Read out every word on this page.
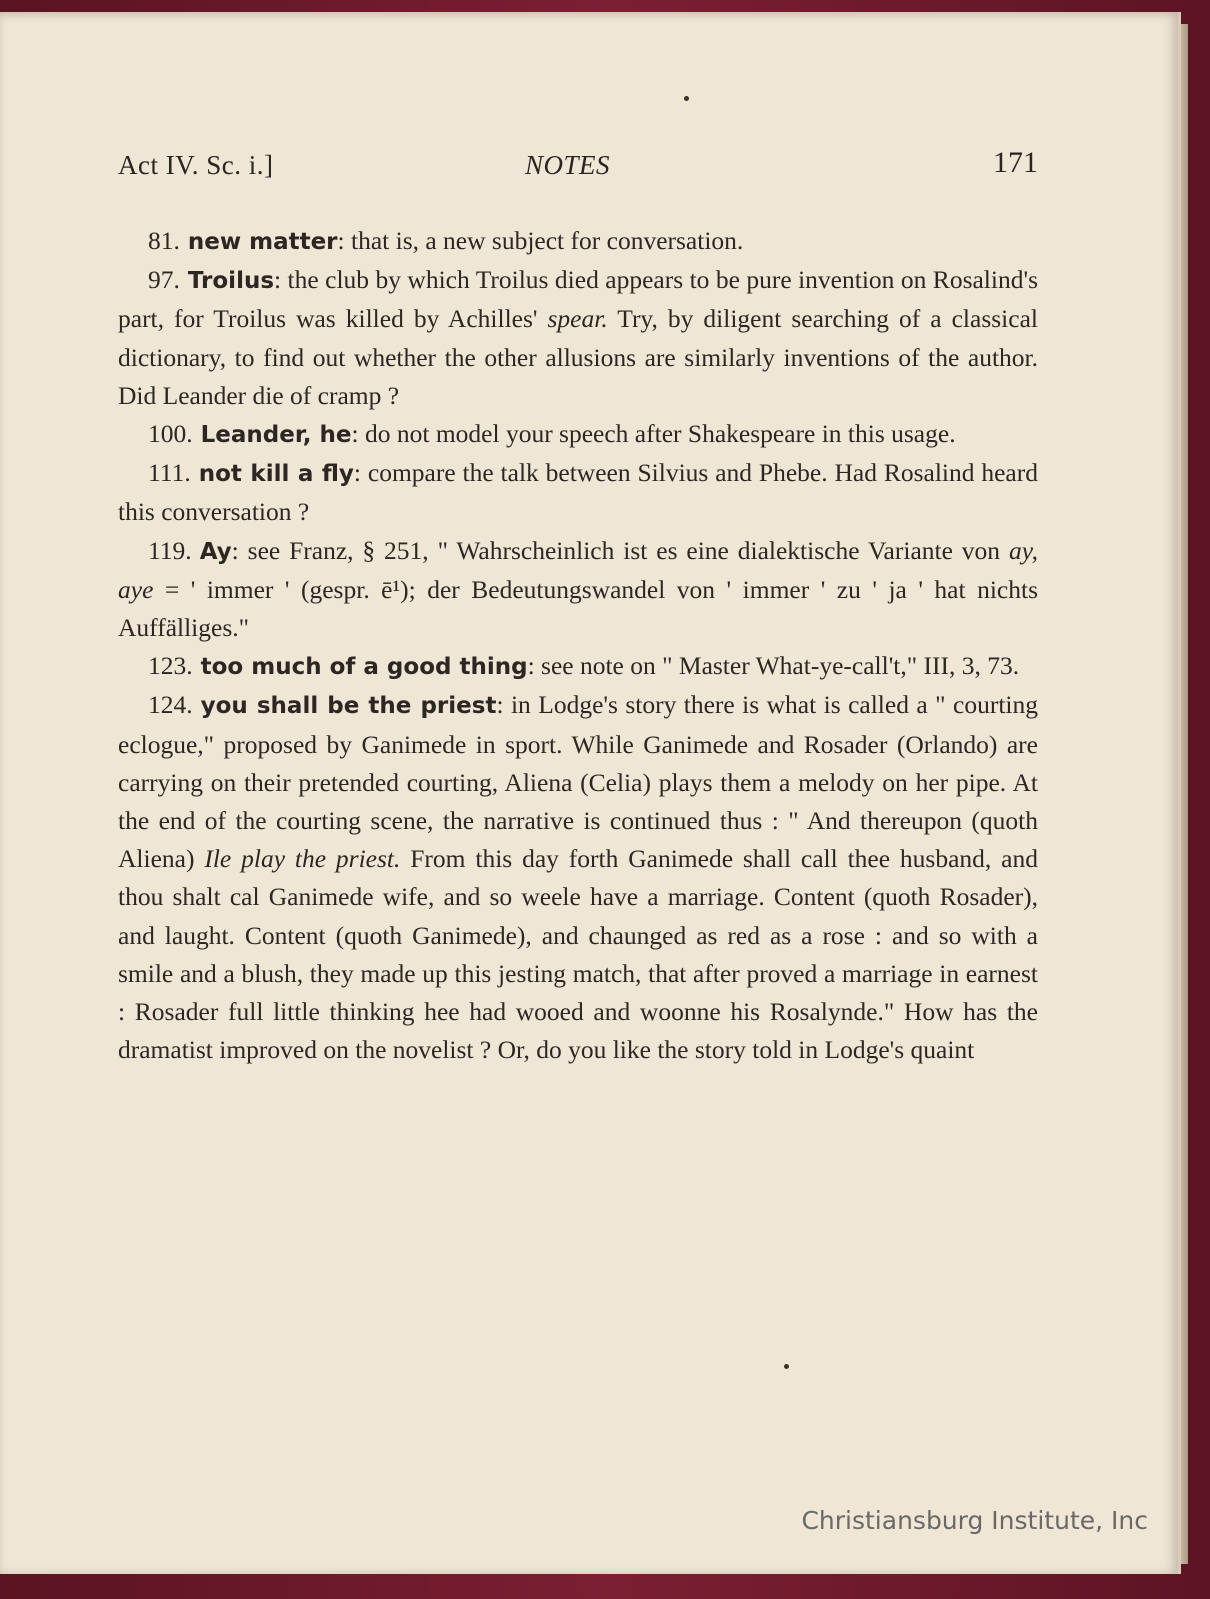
Act IV. Sc. i.]	NOTES	171

81. new matter: that is, a new subject for conversation.

97. Troilus: the club by which Troilus died appears to be pure invention on Rosalind's part, for Troilus was killed by Achilles' spear. Try, by diligent searching of a classical dictionary, to find out whether the other allusions are similarly inventions of the author. Did Leander die of cramp ?

100. Leander, he: do not model your speech after Shakespeare in this usage.

111. not kill a fly: compare the talk between Silvius and Phebe. Had Rosalind heard this conversation ?

119. Ay: see Franz, § 251, " Wahrscheinlich ist es eine dialektische Variante von ay, aye = ' immer ' (gespr. ē¹); der Bedeutungswandel von ' immer ' zu ' ja ' hat nichts Auffälliges."

123. too much of a good thing: see note on " Master What-ye-call't," III, 3, 73.

124. you shall be the priest: in Lodge's story there is what is called a " courting eclogue," proposed by Ganimede in sport. While Ganimede and Rosader (Orlando) are carrying on their pretended courting, Aliena (Celia) plays them a melody on her pipe. At the end of the courting scene, the narrative is continued thus : " And thereupon (quoth Aliena) Ile play the priest. From this day forth Ganimede shall call thee husband, and thou shalt cal Ganimede wife, and so weele have a marriage. Content (quoth Rosader), and laught. Content (quoth Ganimede), and chaunged as red as a rose : and so with a smile and a blush, they made up this jesting match, that after proved a marriage in earnest : Rosader full little thinking hee had wooed and woonne his Rosalynde." How has the dramatist improved on the novelist ? Or, do you like the story told in Lodge's quaint

Christiansburg Institute, Inc
